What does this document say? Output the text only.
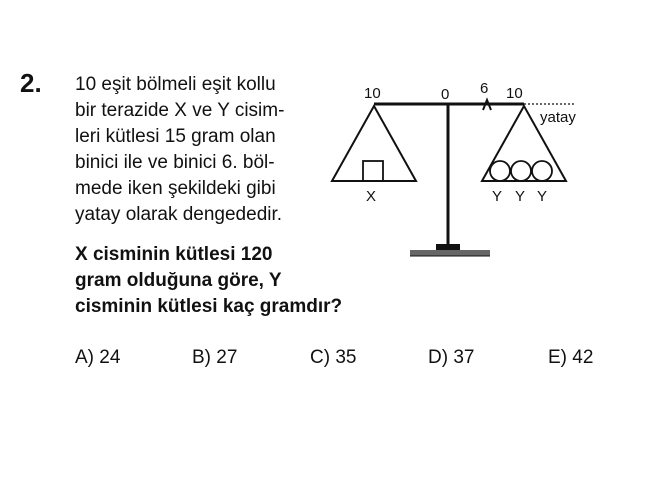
2. 10 eşit bölmeli eşit kollu
bir terazide X ve Y cisim-
leri kütlesi 15 gram olan
binici ile ve binici 6. böl-
mede iken şekildeki gibi
yatay olarak dengededir.
X cisminin kütlesi 120
gram olduğuna göre, Y
cisminin kütlesi kaç gramdır?
10	0 6 10
yatay
X	Y Y Y
A) 24	B) 27	C) 35	D) 37	E) 42
